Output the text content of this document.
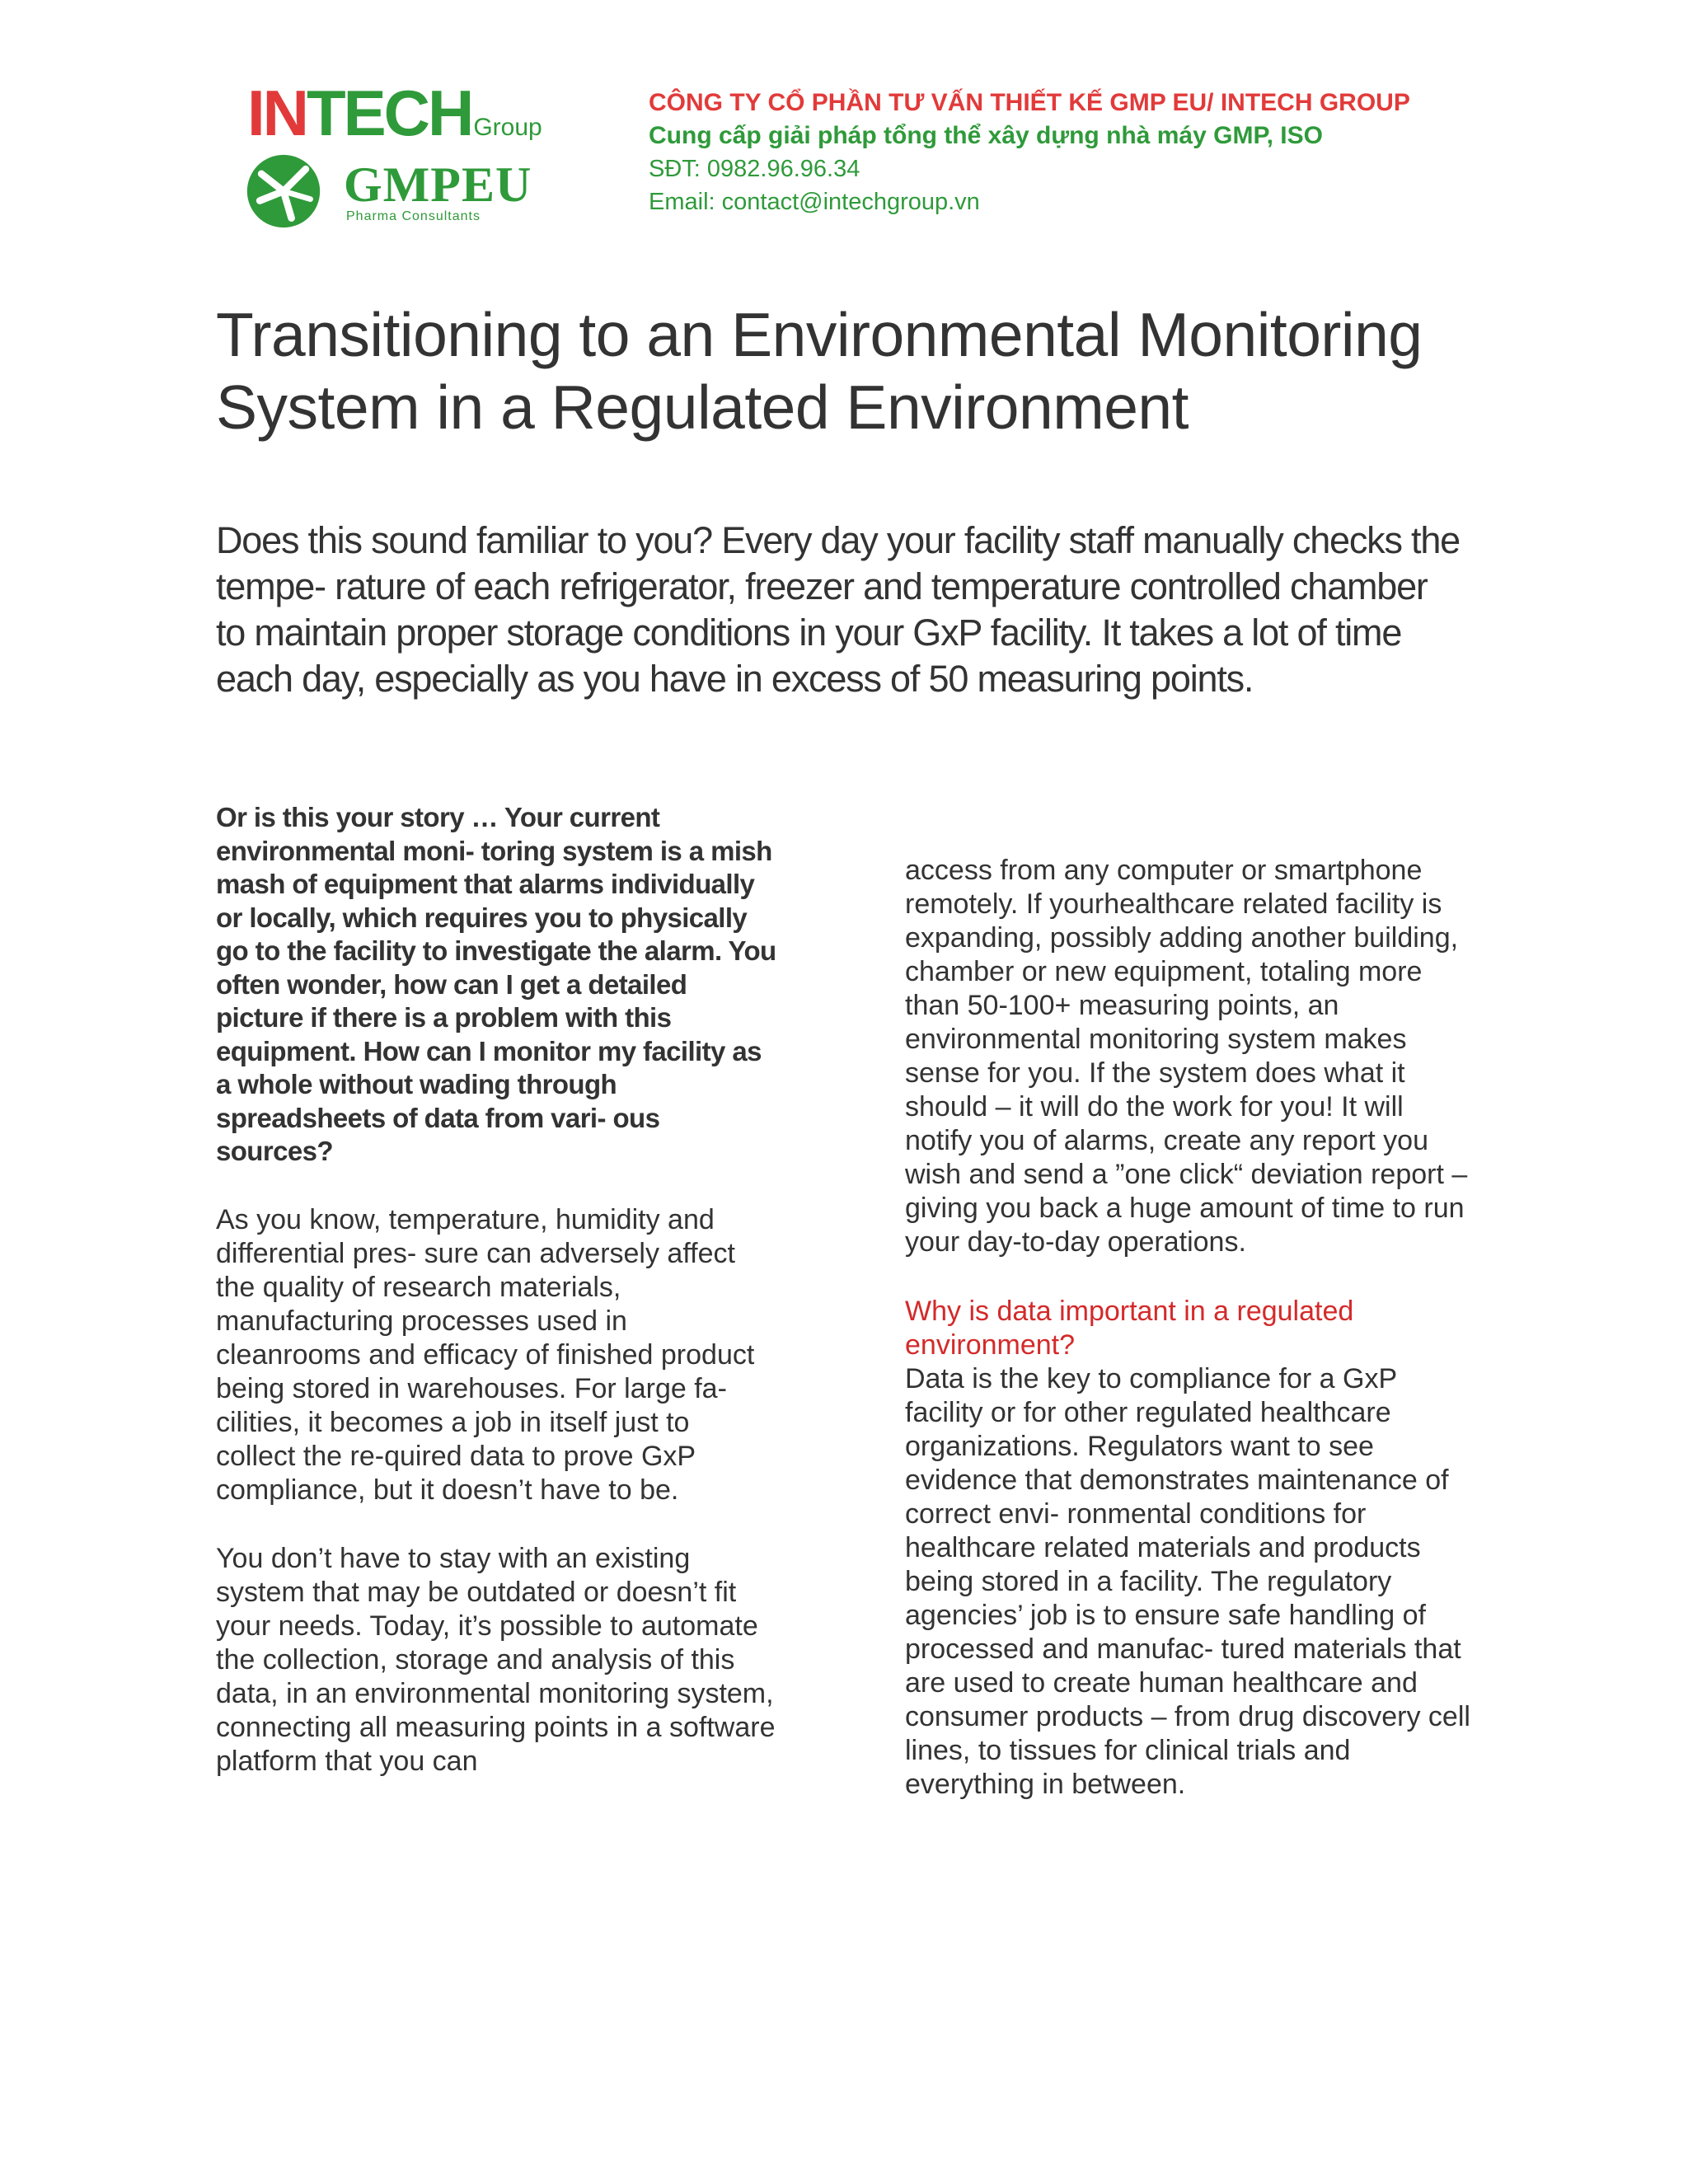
INTECHGroup
GMPEU
Pharma Consultants
CÔNG TY CỔ PHẦN TƯ VẤN THIẾT KẾ GMP EU/ INTECH GROUP
Cung cấp giải pháp tổng thể xây dựng nhà máy GMP, ISO
SĐT: 0982.96.96.34
Email: contact@intechgroup.vn
Transitioning to an Environmental Monitoring System in a Regulated Environment

Does this sound familiar to you? Every day your facility staff manually checks the tempe- rature of each refrigerator, freezer and temperature controlled chamber to maintain proper storage conditions in your GxP facility. It takes a lot of time each day, especially as you have in excess of 50 measuring points.

Or is this your story … Your current environmental moni- toring system is a mish mash of equipment that alarms individually or locally, which requires you to physically go to the facility to investigate the alarm. You often wonder, how can I get a detailed picture if there is a problem with this equipment. How can I monitor my facility as a whole without wading through spreadsheets of data from vari- ous sources?

As you know, temperature, humidity and differential pres- sure can adversely affect the quality of research materials, manufacturing processes used in cleanrooms and efficacy of finished product being stored in warehouses. For large fa- cilities, it becomes a job in itself just to collect the re-quired data to prove GxP compliance, but it doesn’t have to be.

You don’t have to stay with an existing system that may be outdated or doesn’t fit your needs. Today, it’s possible to automate the collection, storage and analysis of this data, in an environmental monitoring system, connecting all measuring points in a software platform that you can

access from any computer or smartphone remotely. If yourhealthcare related facility is expanding, possibly adding another building, chamber or new equipment, totaling more than 50-100+ measuring points, an environmental monitoring system makes sense for you. If the system does what it should – it will do the work for you! It will notify you of alarms, create any report you wish and send a ”one click“ deviation report – giving you back a huge amount of time to run your day-to-day operations.

Why is data important in a regulated environment?

Data is the key to compliance for a GxP facility or for other regulated healthcare organizations. Regulators want to see evidence that demonstrates maintenance of correct envi- ronmental conditions for healthcare related materials and products being stored in a facility. The regulatory agencies’ job is to ensure safe handling of processed and manufac- tured materials that are used to create human healthcare and consumer products – from drug discovery cell lines, to tissues for clinical trials and everything in between.
